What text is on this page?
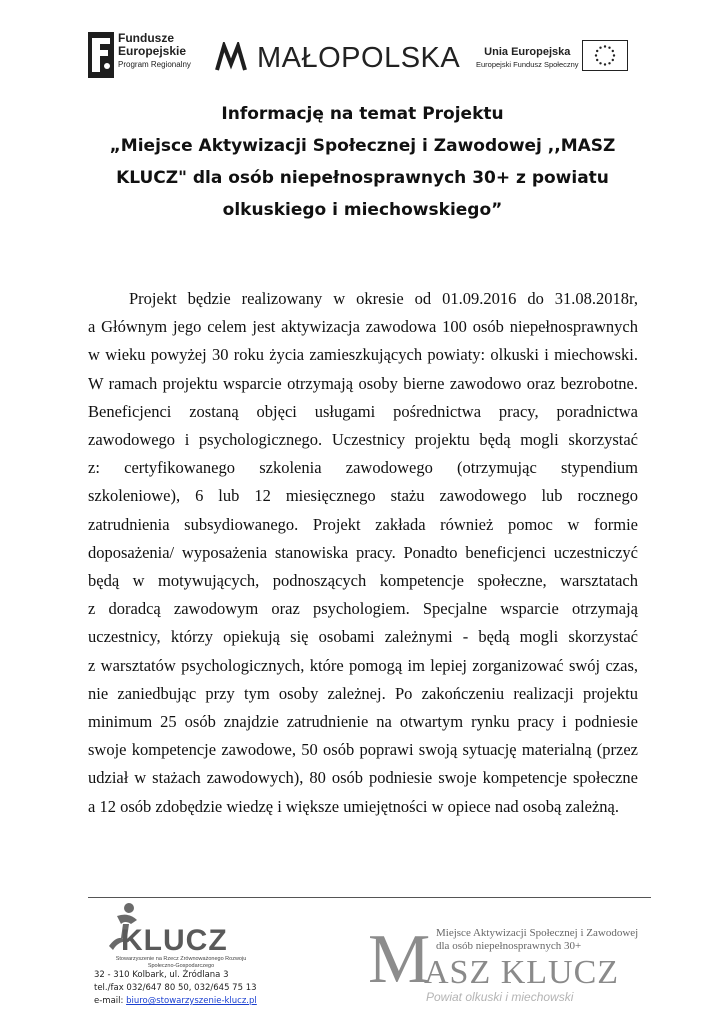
Fundusze
Europejskie
Program Regionalny MAŁOPOLSKA	Unia Europejska
Europejski Fundusz Społeczny
Informację na temat Projektu
„Miejsce Aktywizacji Społecznej i Zawodowej ,,MASZ
KLUCZ" dla osób niepełnosprawnych 30+ z powiatu
olkuskiego i miechowskiego”
Projekt będzie realizowany w okresie od 01.09.2016 do 31.08.2018r,
a Głównym jego celem jest aktywizacja zawodowa 100 osób niepełnosprawnych
w wieku powyżej 30 roku życia zamieszkujących powiaty: olkuski i miechowski.
W ramach projektu wsparcie otrzymają osoby bierne zawodowo oraz bezrobotne.
Beneficjenci zostaną objęci usługami pośrednictwa pracy, poradnictwa
zawodowego i psychologicznego. Uczestnicy projektu będą mogli skorzystać
z: certyfikowanego szkolenia zawodowego (otrzymując stypendium
szkoleniowe), 6 lub 12 miesięcznego stażu zawodowego lub rocznego
zatrudnienia subsydiowanego. Projekt zakłada również pomoc w formie
doposażenia/ wyposażenia stanowiska pracy. Ponadto beneficjenci uczestniczyć
będą w motywujących, podnoszących kompetencje społeczne, warsztatach
z doradcą zawodowym oraz psychologiem. Specjalne wsparcie otrzymają
uczestnicy, którzy opiekują się osobami zależnymi - będą mogli skorzystać
z warsztatów psychologicznych, które pomogą im lepiej zorganizować swój czas,
nie zaniedbując przy tym osoby zależnej. Po zakończeniu realizacji projektu
minimum 25 osób znajdzie zatrudnienie na otwartym rynku pracy i podniesie
swoje kompetencje zawodowe, 50 osób poprawi swoją sytuację materialną (przez
udział w stażach zawodowych), 80 osób podniesie swoje kompetencje społeczne
a 12 osób zdobędzie wiedzę i większe umiejętności w opiece nad osobą zależną.
KLUCZ
Stowarzyszenie na Rzecz Zrównoważonego Rozwoju
Społeczno-Gospodarczego
32 - 310 Kolbark, ul. Źródlana 3
tel./fax 032/647 80 50, 032/645 75 13
e-mail: biuro@stowarzyszenie-klucz.pl
M Miejsce Aktywizacji Społecznej i Zawodowej
dla osób niepełnosprawnych 30+
ASZ KLUCZ
Powiat olkuski i miechowski
